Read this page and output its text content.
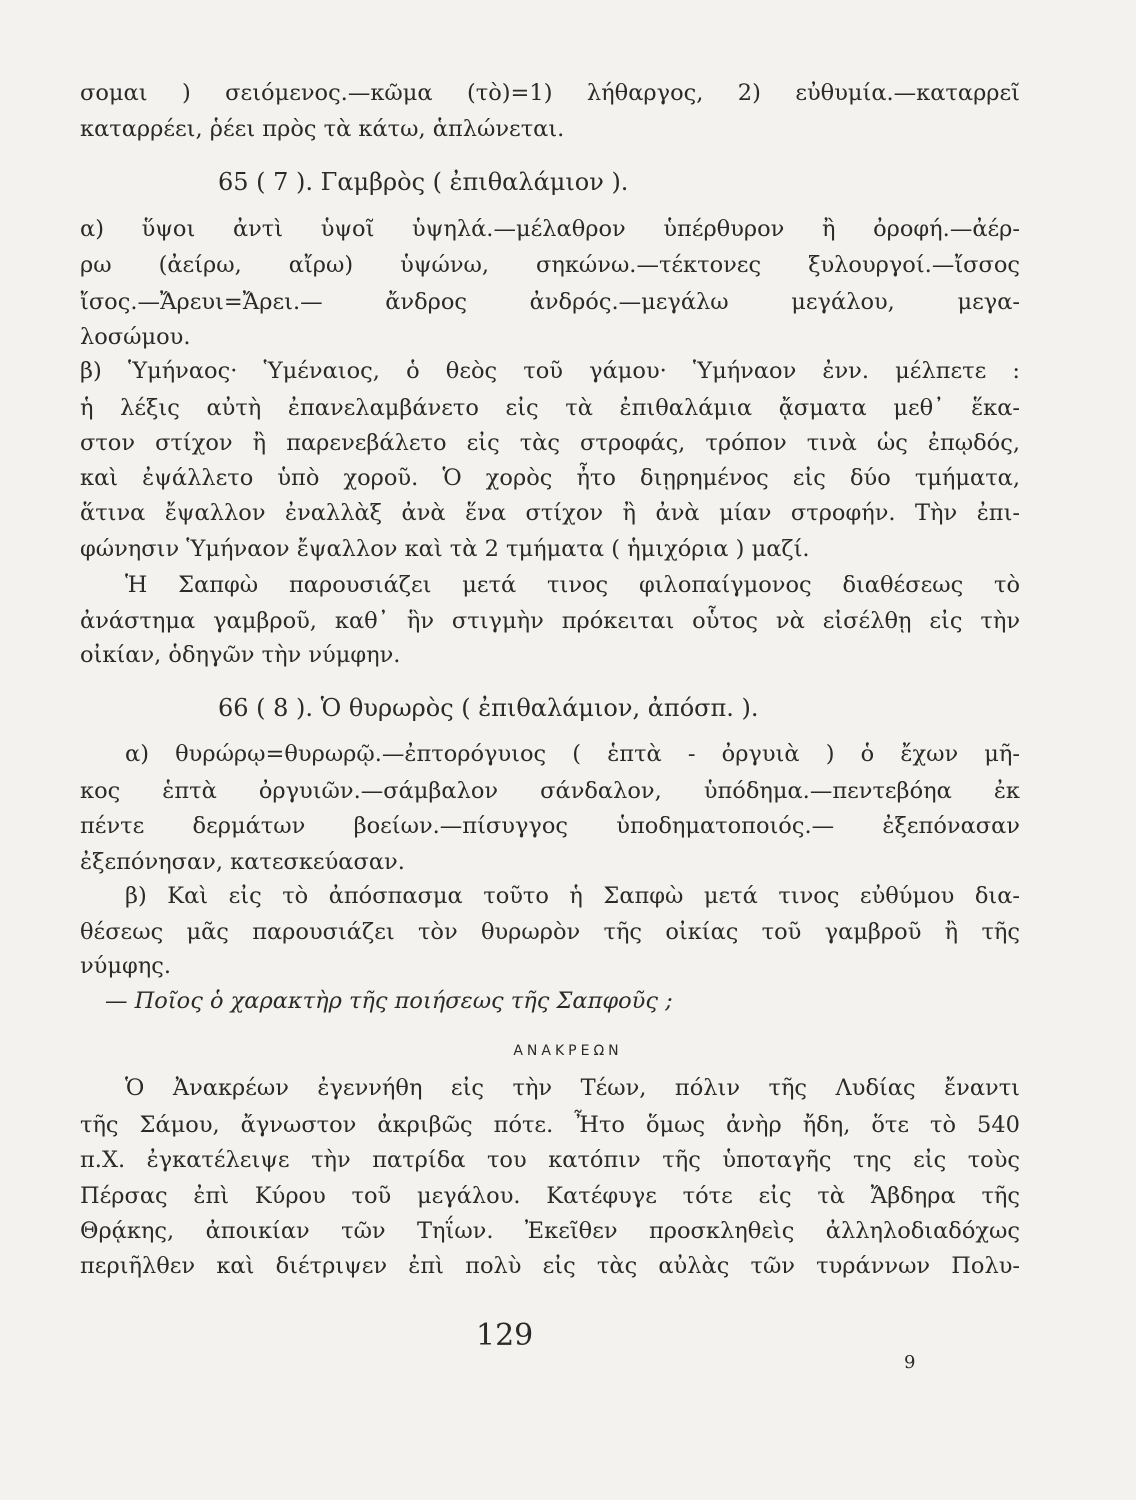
σομαι ) σειόμενος.—κῶμα (τὸ)=1) λήθαργος, 2) εὐθυμία.—καταρρεῖ
καταρρέει, ῥέει πρὸς τὰ κάτω, ἁπλώνεται.
65 ( 7 ). Γαμβρὸς ( ἐπιθαλάμιον ).
α) ὕψοι ἀντὶ ὑψοῖ ὑψηλά.—μέλαθρον ὑπέρθυρον ἢ ὀροφή.—ἀέρ-
ρω (ἀείρω, αἴρω) ὑψώνω, σηκώνω.—τέκτονες ξυλουργοί.—ἴσσος
ἴσος.—Ἄρευι=Ἄρει.— ἄνδρος ἀνδρός.—μεγάλω μεγάλου, μεγα-
λοσώμου.
β) Ὑμήναος· Ὑμέναιος, ὁ θεὸς τοῦ γάμου· Ὑμήναον ἐνν. μέλπετε :
ἡ λέξις αὐτὴ ἐπανελαμβάνετο εἰς τὰ ἐπιθαλάμια ᾄσματα μεθ᾽ ἕκα-
στον στίχον ἢ παρενεβάλετο εἰς τὰς στροφάς, τρόπον τινὰ ὡς ἐπῳδός,
καὶ ἐψάλλετο ὑπὸ χοροῦ. Ὁ χορὸς ἦτο διῃρημένος εἰς δύο τμήματα,
ἅτινα ἔψαλλον ἐναλλὰξ ἀνὰ ἕνα στίχον ἢ ἀνὰ μίαν στροφήν. Τὴν ἐπι-
φώνησιν Ὑμήναον ἔψαλλον καὶ τὰ 2 τμήματα ( ἡμιχόρια ) μαζί.
Ἡ Σαπφὼ παρουσιάζει μετά τινος φιλοπαίγμονος διαθέσεως τὸ
ἀνάστημα γαμβροῦ, καθ᾽ ἣν στιγμὴν πρόκειται οὗτος νὰ εἰσέλθῃ εἰς τὴν
οἰκίαν, ὁδηγῶν τὴν νύμφην.
66 ( 8 ). Ὁ θυρωρὸς ( ἐπιθαλάμιον, ἀπόσπ. ).
α) θυρώρῳ=θυρωρῷ.—ἐπτορόγυιος ( ἑπτὰ - ὀργυιὰ ) ὁ ἔχων μῆ-
κος ἑπτὰ ὀργυιῶν.—σάμβαλον σάνδαλον, ὑπόδημα.—πεντεβόηα ἐκ
πέντε δερμάτων βοείων.—πίσυγγος ὑποδηματοποιός.— ἐξεπόνασαν
ἐξεπόνησαν, κατεσκεύασαν.
β) Καὶ εἰς τὸ ἀπόσπασμα τοῦτο ἡ Σαπφὼ μετά τινος εὐθύμου δια-
θέσεως μᾶς παρουσιάζει τὸν θυρωρὸν τῆς οἰκίας τοῦ γαμβροῦ ἢ τῆς
νύμφης.
— Ποῖος ὁ χαρακτὴρ τῆς ποιήσεως τῆς Σαπφοῦς ;
ΑΝΑΚΡΕΩΝ
Ὁ Ἀνακρέων ἐγεννήθη εἰς τὴν Τέων, πόλιν τῆς Λυδίας ἔναντι
τῆς Σάμου, ἄγνωστον ἀκριβῶς πότε. Ἦτο ὅμως ἀνὴρ ἤδη, ὅτε τὸ 540
π.Χ. ἐγκατέλειψε τὴν πατρίδα του κατόπιν τῆς ὑποταγῆς της εἰς τοὺς
Πέρσας ἐπὶ Κύρου τοῦ μεγάλου. Κατέφυγε τότε εἰς τὰ Ἄβδηρα τῆς
Θρᾴκης, ἀποικίαν τῶν Τηΐων. Ἐκεῖθεν προσκληθεὶς ἀλληλοδιαδόχως
περιῆλθεν καὶ διέτριψεν ἐπὶ πολὺ εἰς τὰς αὐλὰς τῶν τυράννων Πολυ-
129
9
